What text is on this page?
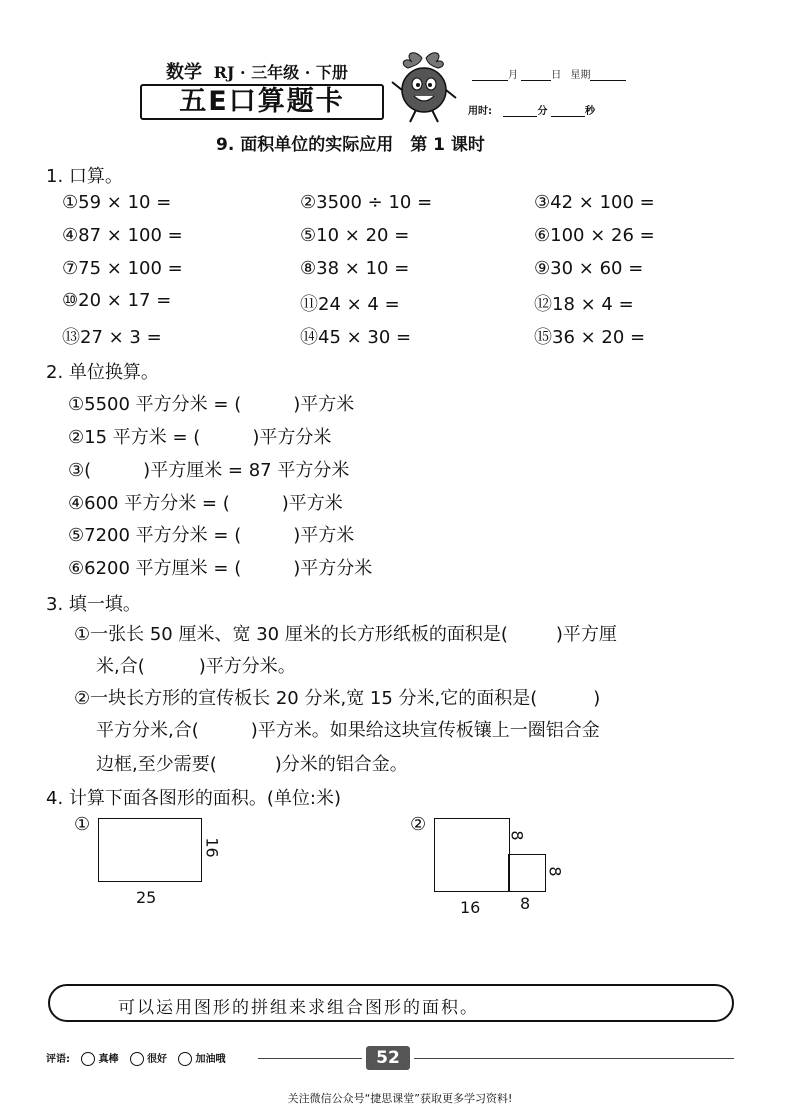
数学 RJ · 三年级 · 下册
五E口算题卡
月	日 星期
用时:	分	秒
9. 面积单位的实际应用　第 1 课时
1. 口算。
①59 × 10 =	②3500 ÷ 10 =	③42 × 100 =
④87 × 100 =	⑤10 × 20 =	⑥100 × 26 =
⑦75 × 100 =	⑧38 × 10 =	⑨30 × 60 =
⑩20 × 17 =	⑪24 × 4 =	⑫18 × 4 =
⑬27 × 3 =	⑭45 × 30 =	⑮36 × 20 =
2. 单位换算。
①5500 平方分米 = (	)平方米
②15 平方米 = (	)平方分米
③(	)平方厘米 = 87 平方分米
④600 平方分米 = (	)平方米
⑤7200 平方分米 = (	)平方米
⑥6200 平方厘米 = (	)平方分米
3. 填一填。
①一张长 50 厘米、宽 30 厘米的长方形纸板的面积是(	)平方厘
米,合(	)平方分米。
②一块长方形的宣传板长 20 分米,宽 15 分米,它的面积是(	)
平方分米,合(	)平方米。如果给这块宣传板镶上一圈铝合金
边框,至少需要(	)分米的铝合金。
4. 计算下面各图形的面积。(单位:米)
①
25
16
②
8
8
16 8
可以运用图形的拼组来求组合图形的面积。
评语:	真棒	很好	加油哦	52
关注微信公众号“捷思课堂”获取更多学习资料!
